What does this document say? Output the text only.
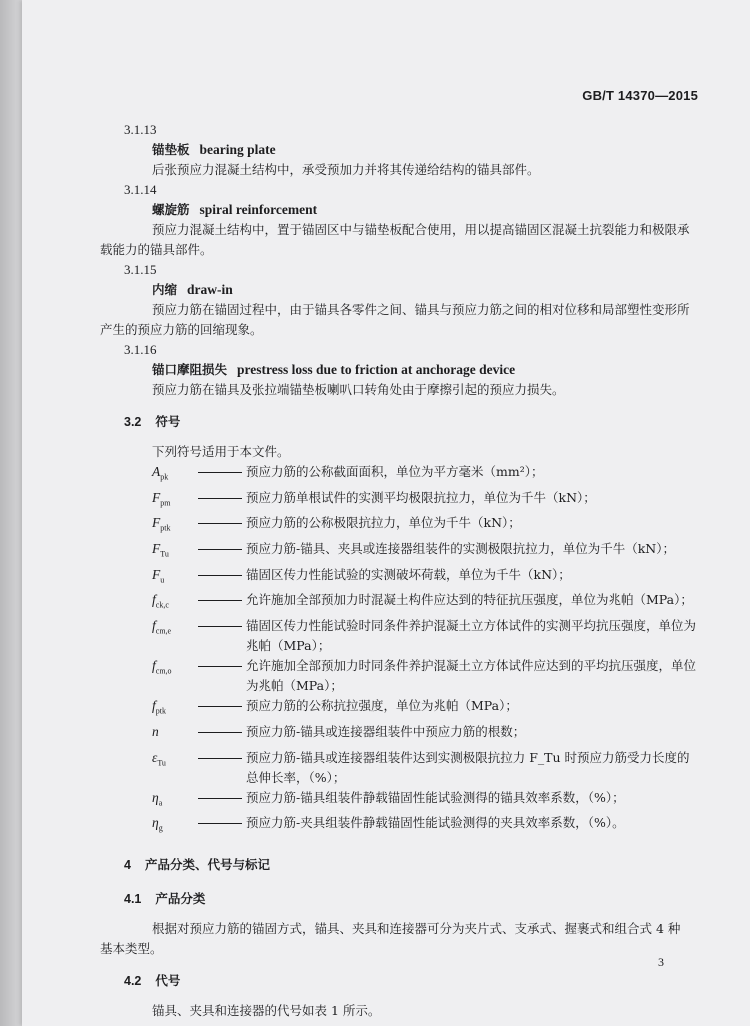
GB/T 14370—2015
3.1.13
锚垫板 bearing plate
后张预应力混凝土结构中，承受预加力并将其传递给结构的锚具部件。
3.1.14
螺旋筋 spiral reinforcement
预应力混凝土结构中，置于锚固区中与锚垫板配合使用，用以提高锚固区混凝土抗裂能力和极限承载能力的锚具部件。
3.1.15
内缩 draw-in
预应力筋在锚固过程中，由于锚具各零件之间、锚具与预应力筋之间的相对位移和局部塑性变形所产生的预应力筋的回缩现象。
3.1.16
锚口摩阻损失 prestress loss due to friction at anchorage device
预应力筋在锚具及张拉端锚垫板喇叭口转角处由于摩擦引起的预应力损失。
3.2 符号
下列符号适用于本文件。
$A_{pk}$	预应力筋的公称截面面积，单位为平方毫米（mm²）；
$F_{pm}$	预应力筋单根试件的实测平均极限抗拉力，单位为千牛（kN）；
$F_{ptk}$	预应力筋的公称极限抗拉力，单位为千牛（kN）；
$F_{Tu}$	预应力筋-锚具、夹具或连接器组装件的实测极限抗拉力，单位为千牛（kN）；
$F_u$	锚固区传力性能试验的实测破坏荷载，单位为千牛（kN）；
$f_{ck,c}$	允许施加全部预加力时混凝土构件应达到的特征抗压强度，单位为兆帕（MPa）；
$f_{cm,e}$	锚固区传力性能试验时同条件养护混凝土立方体试件的实测平均抗压强度，单位为兆帕（MPa）；
$f_{cm,o}$	允许施加全部预加力时同条件养护混凝土立方体试件应达到的平均抗压强度，单位为兆帕（MPa）；
$f_{ptk}$	预应力筋的公称抗拉强度，单位为兆帕（MPa）；
n	预应力筋-锚具或连接器组装件中预应力筋的根数；
$\varepsilon_{Tu}$	预应力筋-锚具或连接器组装件达到实测极限抗拉力 F_Tu 时预应力筋受力长度的总伸长率，（%）；
$\eta_a$	预应力筋-锚具组装件静载锚固性能试验测得的锚具效率系数，（%）；
$\eta_g$	预应力筋-夹具组装件静载锚固性能试验测得的夹具效率系数，（%）。
4 产品分类、代号与标记
4.1 产品分类
根据对预应力筋的锚固方式，锚具、夹具和连接器可分为夹片式、支承式、握裹式和组合式 4 种基本类型。
4.2 代号
锚具、夹具和连接器的代号如表 1 所示。
3
